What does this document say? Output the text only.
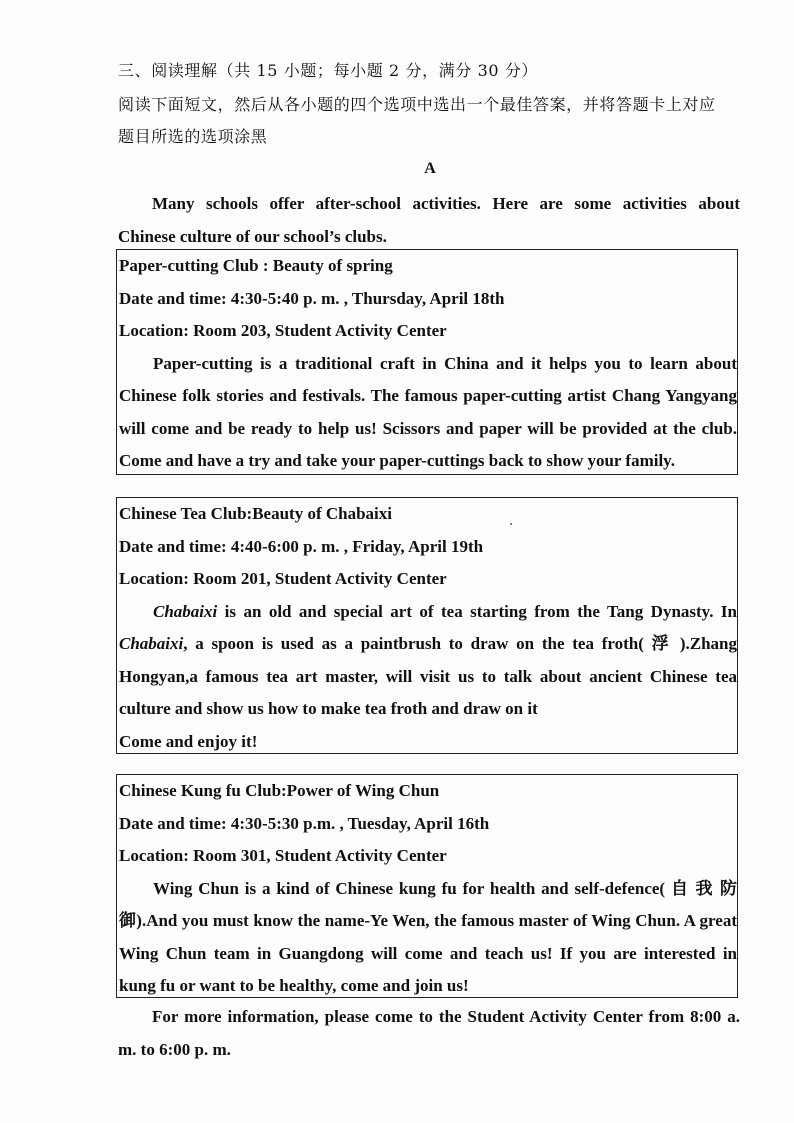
三、阅读理解（共 15 小题；每小题 2 分，满分 30 分）
阅读下面短文，然后从各小题的四个选项中选出一个最佳答案，并将答题卡上对应
题目所选的选项涂黑
A
Many schools offer after-school activities. Here are some activities about
Chinese culture of our school’s clubs.
Paper-cutting Club : Beauty of spring
Date and time: 4:30-5:40 p. m. , Thursday, April 18th
Location: Room 203, Student Activity Center
Paper-cutting is a traditional craft in China and it helps you to learn about
Chinese folk stories and festivals. The famous paper-cutting artist Chang Yangyang
will come and be ready to help us! Scissors and paper will be provided at the club.
Come and have a try and take your paper-cuttings back to show your family.
Chinese Tea Club:Beauty of Chabaixi
Date and time: 4:40-6:00 p. m. , Friday, April 19th
Location: Room 201, Student Activity Center
Chabaixi is an old and special art of tea starting from the Tang Dynasty. In
Chabaixi, a spoon is used as a paintbrush to draw on the tea froth( 浮 ).Zhang
Hongyan,a famous tea art master, will visit us to talk about ancient Chinese tea
culture and show us how to make tea froth and draw on it
Come and enjoy it!
Chinese Kung fu Club:Power of Wing Chun
Date and time: 4:30-5:30 p.m. , Tuesday, April 16th
Location: Room 301, Student Activity Center
Wing Chun is a kind of Chinese kung fu for health and self-defence( 自 我 防
御).And you must know the name-Ye Wen, the famous master of Wing Chun. A great
Wing Chun team in Guangdong will come and teach us! If you are interested in
kung fu or want to be healthy, come and join us!
For more information, please come to the Student Activity Center from 8:00 a.
m. to 6:00 p. m.
